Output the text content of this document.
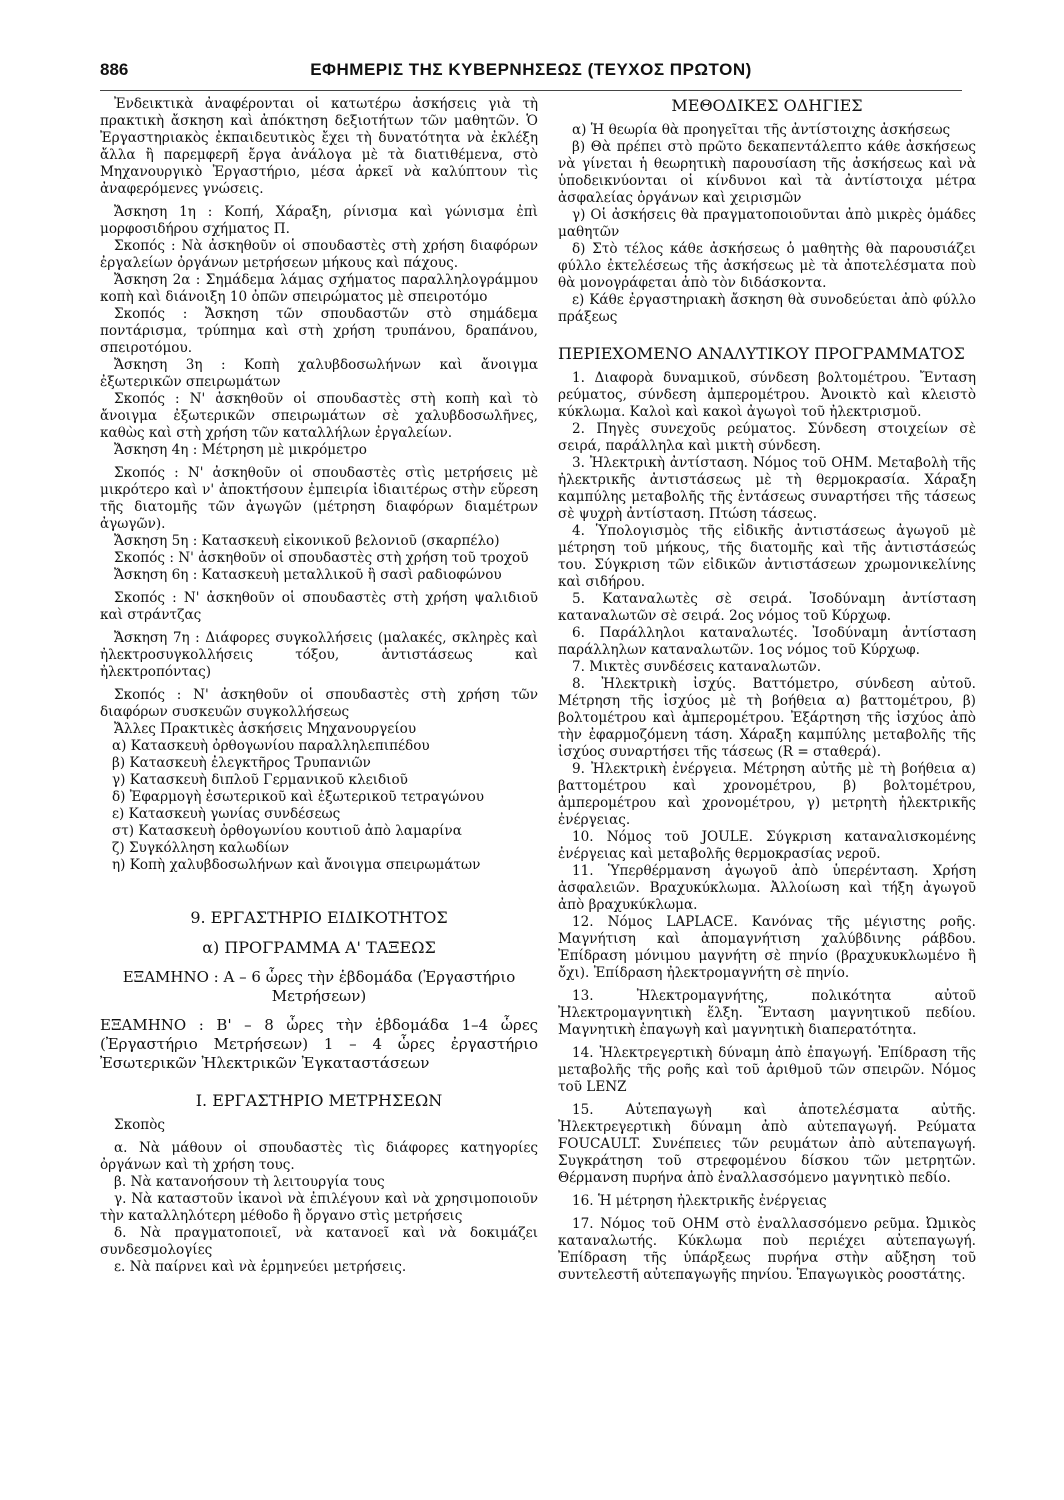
886	ΕΦΗΜΕΡΙΣ ΤΗΣ ΚΥΒΕΡΝΗΣΕΩΣ (ΤΕΥΧΟΣ ΠΡΩΤΟΝ)

Ἐνδεικτικὰ ἀναφέρονται οἱ κατωτέρω ἀσκήσεις γιὰ τὴ πρακτικὴ ἄσκηση καὶ ἀπόκτηση δεξιοτήτων τῶν μαθητῶν. Ὁ Ἐργαστηριακὸς ἐκπαιδευτικὸς ἔχει τὴ δυνατότητα νὰ ἐκλέξη ἄλλα ἢ παρεμφερῆ ἔργα ἀνάλογα μὲ τὰ διατιθέμενα, στὸ Μηχανουργικὸ Ἐργαστήριο, μέσα ἀρκεῖ νὰ καλύπτουν τὶς ἀναφερόμενες γνώσεις.

Ἄσκηση 1η : Κοπή, Χάραξη, ρίνισμα καὶ γώνισμα ἐπὶ μορφοσιδήρου σχήματος Π.

Σκοπός : Νὰ ἀσκηθοῦν οἱ σπουδαστὲς στὴ χρήση διαφόρων ἐργαλείων ὀργάνων μετρήσεων μήκους καὶ πάχους.

Ἄσκηση 2α : Σημάδεμα λάμας σχήματος παραλληλογράμμου κοπὴ καὶ διάνοιξη 10 ὀπῶν σπειρώματος μὲ σπειροτόμο

Σκοπός : Ἄσκηση τῶν σπουδαστῶν στὸ σημάδεμα ποντάρισμα, τρύπημα καὶ στὴ χρήση τρυπάνου, δραπάνου, σπειροτόμου.

Ἄσκηση 3η : Κοπὴ χαλυβδοσωλήνων καὶ ἄνοιγμα ἐξωτερικῶν σπειρωμάτων

Σκοπός : Ν' ἀσκηθοῦν οἱ σπουδαστὲς στὴ κοπὴ καὶ τὸ ἄνοιγμα ἐξωτερικῶν σπειρωμάτων σὲ χαλυβδοσωλῆνες, καθὼς καὶ στὴ χρήση τῶν καταλλήλων ἐργαλείων.

Ἄσκηση 4η : Μέτρηση μὲ μικρόμετρο

Σκοπός : Ν' ἀσκηθοῦν οἱ σπουδαστὲς στὶς μετρήσεις μὲ μικρότερο καὶ ν' ἀποκτήσουν ἐμπειρία ἰδιαιτέρως στὴν εὕρεση τῆς διατομῆς τῶν ἀγωγῶν (μέτρηση διαφόρων διαμέτρων ἀγωγῶν).

Ἄσκηση 5η : Κατασκευὴ εἰκονικοῦ βελονιοῦ (σκαρπέλο)

Σκοπός : Ν' ἀσκηθοῦν οἱ σπουδαστὲς στὴ χρήση τοῦ τροχοῦ

Ἄσκηση 6η : Κατασκευὴ μεταλλικοῦ ἢ σασὶ ραδιοφώνου

Σκοπός : Ν' ἀσκηθοῦν οἱ σπουδαστὲς στὴ χρήση ψαλιδιοῦ καὶ στράντζας

Ἄσκηση 7η : Διάφορες συγκολλήσεις (μαλακές, σκληρὲς καὶ ἠλεκτροσυγκολλήσεις τόξου, ἀντιστάσεως καὶ ἠλεκτροπόντας)

Σκοπός : Ν' ἀσκηθοῦν οἱ σπουδαστὲς στὴ χρήση τῶν διαφόρων συσκευῶν συγκολλήσεως

Ἄλλες Πρακτικὲς ἀσκήσεις Μηχανουργείου

α) Κατασκευὴ ὀρθογωνίου παραλληλεπιπέδου

β) Κατασκευὴ ἐλεγκτῆρος Τρυπανιῶν

γ) Κατασκευὴ διπλοῦ Γερμανικοῦ κλειδιοῦ

δ) Ἐφαρμογὴ ἐσωτερικοῦ καὶ ἐξωτερικοῦ τετραγώνου

ε) Κατασκευὴ γωνίας συνδέσεως

στ) Κατασκευὴ ὀρθογωνίου κουτιοῦ ἀπὸ λαμαρίνα

ζ) Συγκόλληση καλωδίων

η) Κοπὴ χαλυβδοσωλήνων καὶ ἄνοιγμα σπειρωμάτων

9. ΕΡΓΑΣΤΗΡΙΟ ΕΙΔΙΚΟΤΗΤΟΣ

α) ΠΡΟΓΡΑΜΜΑ Α' ΤΑΞΕΩΣ

ΕΞΑΜΗΝΟ : Α – 6 ὧρες τὴν ἑβδομάδα (Ἐργαστήριο Μετρήσεων)

ΕΞΑΜΗΝΟ : Β' – 8 ὧρες τὴν ἑβδομάδα 1–4 ὧρες (Ἐργαστήριο Μετρήσεων) 1 – 4 ὧρες ἐργαστήριο Ἐσωτερικῶν Ἠλεκτρικῶν Ἐγκαταστάσεων

Ι. ΕΡΓΑΣΤΗΡΙΟ ΜΕΤΡΗΣΕΩΝ

Σκοπὸς

α. Νὰ μάθουν οἱ σπουδαστὲς τὶς διάφορες κατηγορίες ὀργάνων καὶ τὴ χρήση τους.

β. Νὰ κατανοήσουν τὴ λειτουργία τους

γ. Νὰ καταστοῦν ἱκανοὶ νὰ ἐπιλέγουν καὶ νὰ χρησιμοποιοῦν τὴν καταλληλότερη μέθοδο ἢ ὄργανο στὶς μετρήσεις

δ. Νὰ πραγματοποιεῖ, νὰ κατανοεῖ καὶ νὰ δοκιμάζει συνδεσμολογίες

ε. Νὰ παίρνει καὶ νὰ ἑρμηνεύει μετρήσεις.

ΜΕΘΟΔΙΚΕΣ ΟΔΗΓΙΕΣ

α) Ἡ θεωρία θὰ προηγεῖται τῆς ἀντίστοιχης ἀσκήσεως

β) Θὰ πρέπει στὸ πρῶτο δεκαπεντάλεπτο κάθε ἀσκήσεως νὰ γίνεται ἡ θεωρητικὴ παρουσίαση τῆς ἀσκήσεως καὶ νὰ ὑποδεικνύονται οἱ κίνδυνοι καὶ τὰ ἀντίστοιχα μέτρα ἀσφαλείας ὀργάνων καὶ χειρισμῶν

γ) Οἱ ἀσκήσεις θὰ πραγματοποιοῦνται ἀπὸ μικρὲς ὁμάδες μαθητῶν

δ) Στὸ τέλος κάθε ἀσκήσεως ὁ μαθητὴς θὰ παρουσιάζει φύλλο ἐκτελέσεως τῆς ἀσκήσεως μὲ τὰ ἀποτελέσματα ποὺ θὰ μονογράφεται ἀπὸ τὸν διδάσκοντα.

ε) Κάθε ἐργαστηριακὴ ἄσκηση θὰ συνοδεύεται ἀπὸ φύλλο πράξεως

ΠΕΡΙΕΧΟΜΕΝΟ ΑΝΑΛΥΤΙΚΟΥ ΠΡΟΓΡΑΜΜΑΤΟΣ

1. Διαφορὰ δυναμικοῦ, σύνδεση βολτομέτρου. Ἔνταση ρεύματος, σύνδεση ἀμπερομέτρου. Ἀνοικτὸ καὶ κλειστὸ κύκλωμα. Καλοὶ καὶ κακοὶ ἀγωγοὶ τοῦ ἠλεκτρισμοῦ.

2. Πηγὲς συνεχοῦς ρεύματος. Σύνδεση στοιχείων σὲ σειρά, παράλληλα καὶ μικτὴ σύνδεση.

3. Ἠλεκτρικὴ ἀντίσταση. Νόμος τοῦ ΟΗΜ. Μεταβολὴ τῆς ἠλεκτρικῆς ἀντιστάσεως μὲ τὴ θερμοκρασία. Χάραξη καμπύλης μεταβολῆς τῆς ἐντάσεως συναρτήσει τῆς τάσεως σὲ ψυχρὴ ἀντίσταση. Πτώση τάσεως.

4. Ὑπολογισμὸς τῆς εἰδικῆς ἀντιστάσεως ἀγωγοῦ μὲ μέτρηση τοῦ μήκους, τῆς διατομῆς καὶ τῆς ἀντιστάσεώς του. Σύγκριση τῶν εἰδικῶν ἀντιστάσεων χρωμονικελίνης καὶ σιδήρου.

5. Καταναλωτὲς σὲ σειρά. Ἰσοδύναμη ἀντίσταση καταναλωτῶν σὲ σειρά. 2ος νόμος τοῦ Κύρχωφ.

6. Παράλληλοι καταναλωτές. Ἰσοδύναμη ἀντίσταση παράλληλων καταναλωτῶν. 1ος νόμος τοῦ Κύρχωφ.

7. Μικτὲς συνδέσεις καταναλωτῶν.

8. Ἠλεκτρικὴ ἰσχύς. Βαττόμετρο, σύνδεση αὐτοῦ. Μέτρηση τῆς ἰσχύος μὲ τὴ βοήθεια α) βαττομέτρου, β) βολτομέτρου καὶ ἀμπερομέτρου. Ἐξάρτηση τῆς ἰσχύος ἀπὸ τὴν ἐφαρμοζόμενη τάση. Χάραξη καμπύλης μεταβολῆς τῆς ἰσχύος συναρτήσει τῆς τάσεως (R = σταθερά).

9. Ἠλεκτρικὴ ἐνέργεια. Μέτρηση αὐτῆς μὲ τὴ βοήθεια α) βαττομέτρου καὶ χρονομέτρου, β) βολτομέτρου, ἀμπερομέτρου καὶ χρονομέτρου, γ) μετρητὴ ἠλεκτρικῆς ἐνέργειας.

10. Νόμος τοῦ JOULE. Σύγκριση καταναλισκομένης ἐνέργειας καὶ μεταβολῆς θερμοκρασίας νεροῦ.

11. Ὑπερθέρμανση ἀγωγοῦ ἀπὸ ὑπερένταση. Χρήση ἀσφαλειῶν. Βραχυκύκλωμα. Ἀλλοίωση καὶ τήξη ἀγωγοῦ ἀπὸ βραχυκύκλωμα.

12. Νόμος LAPLACE. Κανόνας τῆς μέγιστης ροῆς. Μαγνήτιση καὶ ἀπομαγνήτιση χαλύβδινης ράβδου. Ἐπίδραση μόνιμου μαγνήτη σὲ πηνίο (βραχυκυκλωμένο ἢ ὄχι). Ἐπίδραση ἠλεκτρομαγνήτη σὲ πηνίο.

13. Ἠλεκτρομαγνήτης, πολικότητα αὐτοῦ Ἠλεκτρομαγνητικὴ ἕλξη. Ἔνταση μαγνητικοῦ πεδίου. Μαγνητικὴ ἐπαγωγὴ καὶ μαγνητικὴ διαπερατότητα.

14. Ἠλεκτρεγερτικὴ δύναμη ἀπὸ ἐπαγωγή. Ἐπίδραση τῆς μεταβολῆς τῆς ροῆς καὶ τοῦ ἀριθμοῦ τῶν σπειρῶν. Νόμος τοῦ LENZ

15. Αὐτεπαγωγὴ καὶ ἀποτελέσματα αὐτῆς. Ἠλεκτρεγερτικὴ δύναμη ἀπὸ αὐτεπαγωγή. Ρεύματα FOUCAULT. Συνέπειες τῶν ρευμάτων ἀπὸ αὐτεπαγωγή. Συγκράτηση τοῦ στρεφομένου δίσκου τῶν μετρητῶν. Θέρμανση πυρήνα ἀπὸ ἐναλλασσόμενο μαγνητικὸ πεδίο.

16. Ἡ μέτρηση ἠλεκτρικῆς ἐνέργειας

17. Νόμος τοῦ ΟΗΜ στὸ ἐναλλασσόμενο ρεῦμα. Ὠμικὸς καταναλωτής. Κύκλωμα ποὺ περιέχει αὐτεπαγωγή. Ἐπίδραση τῆς ὑπάρξεως πυρήνα στὴν αὔξηση τοῦ συντελεστῆ αὐτεπαγωγῆς πηνίου. Ἐπαγωγικὸς ροοστάτης.
